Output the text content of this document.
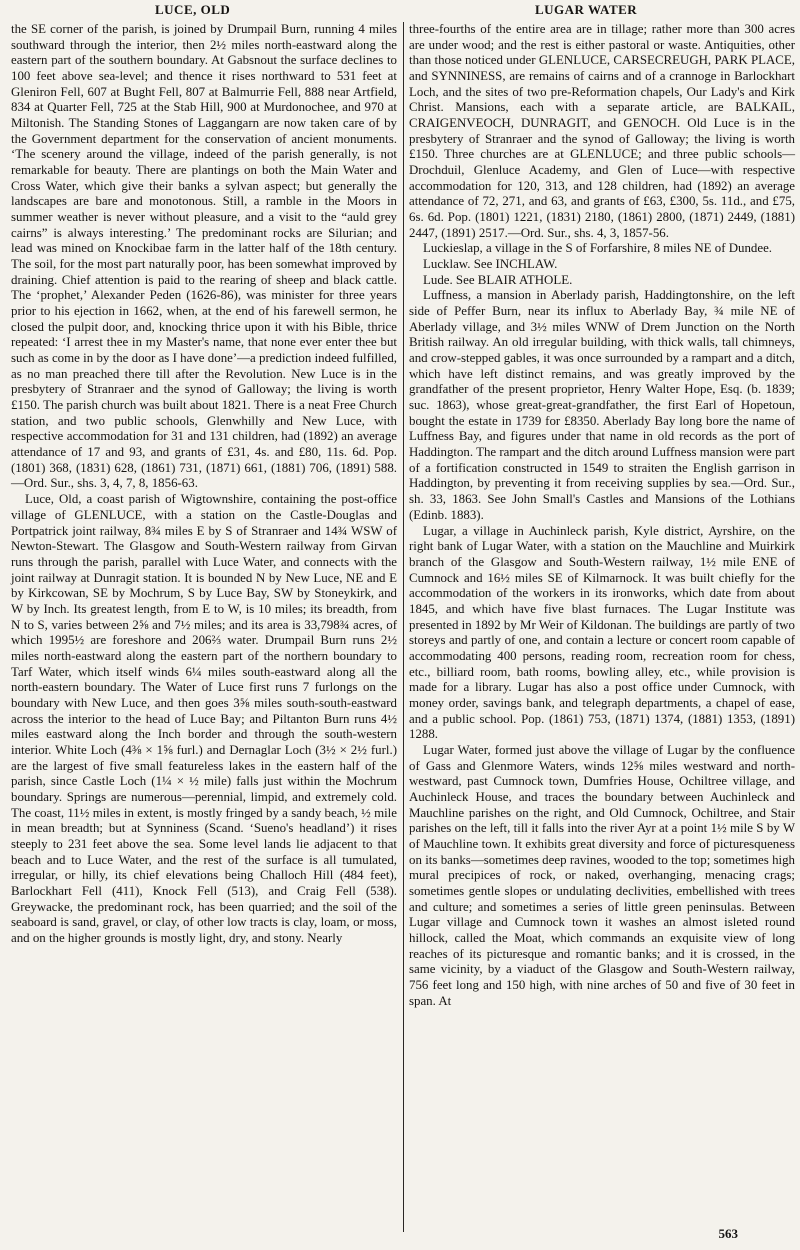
LUCE, OLD	LUGAR WATER

the SE corner of the parish, is joined by Drumpail Burn, running 4 miles southward through the interior, then 2½ miles north-eastward along the eastern part of the southern boundary. At Gabsnout the surface declines to 100 feet above sea-level; and thence it rises northward to 531 feet at Gleniron Fell, 607 at Bught Fell, 807 at Balmurrie Fell, 888 near Artfield, 834 at Quarter Fell, 725 at the Stab Hill, 900 at Murdonochee, and 970 at Miltonish. The Standing Stones of Laggangarn are now taken care of by the Government department for the conservation of ancient monuments. ‘The scenery around the village, indeed of the parish generally, is not remarkable for beauty. There are plantings on both the Main Water and Cross Water, which give their banks a sylvan aspect; but generally the landscapes are bare and monotonous. Still, a ramble in the Moors in summer weather is never without pleasure, and a visit to the “auld grey cairns” is always interesting.’ The predominant rocks are Silurian; and lead was mined on Knockibae farm in the latter half of the 18th century. The soil, for the most part naturally poor, has been somewhat improved by draining. Chief attention is paid to the rearing of sheep and black cattle. The ‘prophet,’ Alexander Peden (1626-86), was minister for three years prior to his ejection in 1662, when, at the end of his farewell sermon, he closed the pulpit door, and, knocking thrice upon it with his Bible, thrice repeated: ‘I arrest thee in my Master's name, that none ever enter thee but such as come in by the door as I have done’—a prediction indeed fulfilled, as no man preached there till after the Revolution. New Luce is in the presbytery of Stranraer and the synod of Galloway; the living is worth £150. The parish church was built about 1821. There is a neat Free Church station, and two public schools, Glenwhilly and New Luce, with respective accommodation for 31 and 131 children, had (1892) an average attendance of 17 and 93, and grants of £31, 4s. and £80, 11s. 6d. Pop. (1801) 368, (1831) 628, (1861) 731, (1871) 661, (1881) 706, (1891) 588.—Ord. Sur., shs. 3, 4, 7, 8, 1856-63.

Luce, Old, a coast parish of Wigtownshire, containing the post-office village of GLENLUCE, with a station on the Castle-Douglas and Portpatrick joint railway, 8¾ miles E by S of Stranraer and 14¾ WSW of Newton-Stewart. The Glasgow and South-Western railway from Girvan runs through the parish, parallel with Luce Water, and connects with the joint railway at Dunragit station. It is bounded N by New Luce, NE and E by Kirkcowan, SE by Mochrum, S by Luce Bay, SW by Stoneykirk, and W by Inch. Its greatest length, from E to W, is 10 miles; its breadth, from N to S, varies between 2⅝ and 7½ miles; and its area is 33,798¾ acres, of which 1995½ are foreshore and 206⅔ water. Drumpail Burn runs 2½ miles north-eastward along the eastern part of the northern boundary to Tarf Water, which itself winds 6¼ miles south-eastward along all the north-eastern boundary. The Water of Luce first runs 7 furlongs on the boundary with New Luce, and then goes 3⅝ miles south-south-eastward across the interior to the head of Luce Bay; and Piltanton Burn runs 4½ miles eastward along the Inch border and through the south-western interior. White Loch (4⅜ × 1⅝ furl.) and Dernaglar Loch (3½ × 2½ furl.) are the largest of five small featureless lakes in the eastern half of the parish, since Castle Loch (1¼ × ½ mile) falls just within the Mochrum boundary. Springs are numerous—perennial, limpid, and extremely cold. The coast, 11½ miles in extent, is mostly fringed by a sandy beach, ½ mile in mean breadth; but at Synniness (Scand. ‘Sueno's headland’) it rises steeply to 231 feet above the sea. Some level lands lie adjacent to that beach and to Luce Water, and the rest of the surface is all tumulated, irregular, or hilly, its chief elevations being Challoch Hill (484 feet), Barlockhart Fell (411), Knock Fell (513), and Craig Fell (538). Greywacke, the predominant rock, has been quarried; and the soil of the seaboard is sand, gravel, or clay, of other low tracts is clay, loam, or moss, and on the higher grounds is mostly light, dry, and stony. Nearly

three-fourths of the entire area are in tillage; rather more than 300 acres are under wood; and the rest is either pastoral or waste. Antiquities, other than those noticed under GLENLUCE, CARSECREUGH, PARK PLACE, and SYNNINESS, are remains of cairns and of a crannoge in Barlockhart Loch, and the sites of two pre-Reformation chapels, Our Lady's and Kirk Christ. Mansions, each with a separate article, are BALKAIL, CRAIGENVEOCH, DUNRAGIT, and GENOCH. Old Luce is in the presbytery of Stranraer and the synod of Galloway; the living is worth £150. Three churches are at GLENLUCE; and three public schools—Drochduil, Glenluce Academy, and Glen of Luce—with respective accommodation for 120, 313, and 128 children, had (1892) an average attendance of 72, 271, and 63, and grants of £63, £300, 5s. 11d., and £75, 6s. 6d. Pop. (1801) 1221, (1831) 2180, (1861) 2800, (1871) 2449, (1881) 2447, (1891) 2517.—Ord. Sur., shs. 4, 3, 1857-56.

Luckieslap, a village in the S of Forfarshire, 8 miles NE of Dundee.

Lucklaw. See INCHLAW.

Lude. See BLAIR ATHOLE.

Luffness, a mansion in Aberlady parish, Haddingtonshire, on the left side of Peffer Burn, near its influx to Aberlady Bay, ¾ mile NE of Aberlady village, and 3½ miles WNW of Drem Junction on the North British railway. An old irregular building, with thick walls, tall chimneys, and crow-stepped gables, it was once surrounded by a rampart and a ditch, which have left distinct remains, and was greatly improved by the grandfather of the present proprietor, Henry Walter Hope, Esq. (b. 1839; suc. 1863), whose great-great-grandfather, the first Earl of Hopetoun, bought the estate in 1739 for £8350. Aberlady Bay long bore the name of Luffness Bay, and figures under that name in old records as the port of Haddington. The rampart and the ditch around Luffness mansion were part of a fortification constructed in 1549 to straiten the English garrison in Haddington, by preventing it from receiving supplies by sea.—Ord. Sur., sh. 33, 1863. See John Small's Castles and Mansions of the Lothians (Edinb. 1883).

Lugar, a village in Auchinleck parish, Kyle district, Ayrshire, on the right bank of Lugar Water, with a station on the Mauchline and Muirkirk branch of the Glasgow and South-Western railway, 1½ mile ENE of Cumnock and 16½ miles SE of Kilmarnock. It was built chiefly for the accommodation of the workers in its ironworks, which date from about 1845, and which have five blast furnaces. The Lugar Institute was presented in 1892 by Mr Weir of Kildonan. The buildings are partly of two storeys and partly of one, and contain a lecture or concert room capable of accommodating 400 persons, reading room, recreation room for chess, etc., billiard room, bath rooms, bowling alley, etc., while provision is made for a library. Lugar has also a post office under Cumnock, with money order, savings bank, and telegraph departments, a chapel of ease, and a public school. Pop. (1861) 753, (1871) 1374, (1881) 1353, (1891) 1288.

Lugar Water, formed just above the village of Lugar by the confluence of Gass and Glenmore Waters, winds 12⅝ miles westward and north-westward, past Cumnock town, Dumfries House, Ochiltree village, and Auchinleck House, and traces the boundary between Auchinleck and Mauchline parishes on the right, and Old Cumnock, Ochiltree, and Stair parishes on the left, till it falls into the river Ayr at a point 1½ mile S by W of Mauchline town. It exhibits great diversity and force of picturesqueness on its banks—sometimes deep ravines, wooded to the top; sometimes high mural precipices of rock, or naked, overhanging, menacing crags; sometimes gentle slopes or undulating declivities, embellished with trees and culture; and sometimes a series of little green peninsulas. Between Lugar village and Cumnock town it washes an almost isleted round hillock, called the Moat, which commands an exquisite view of long reaches of its picturesque and romantic banks; and it is crossed, in the same vicinity, by a viaduct of the Glasgow and South-Western railway, 756 feet long and 150 high, with nine arches of 50 and five of 30 feet in span. At

563
